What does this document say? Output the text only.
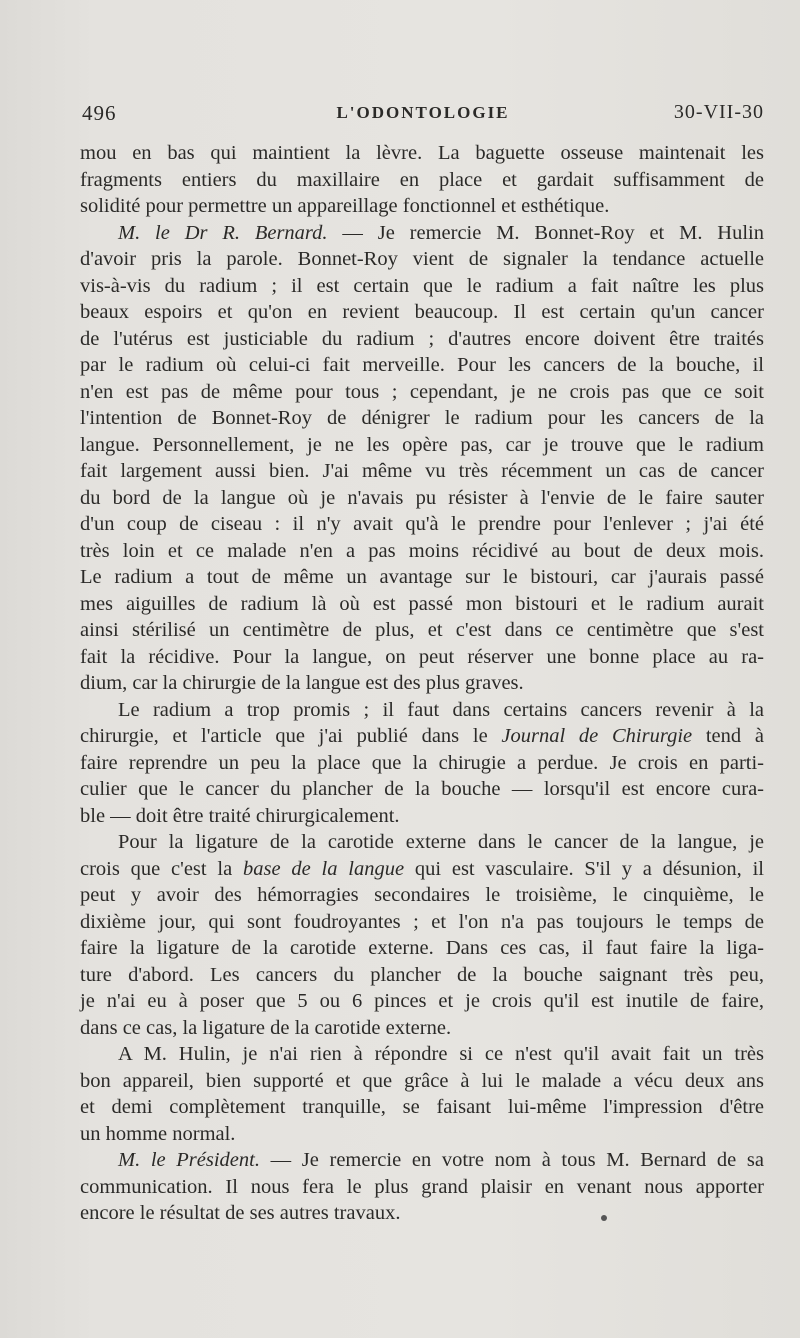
496	L'ODONTOLOGIE	30-VII-30
mou en bas qui maintient la lèvre. La baguette osseuse maintenait les
fragments entiers du maxillaire en place et gardait suffisamment de
solidité pour permettre un appareillage fonctionnel et esthétique.
M. le Dr R. Bernard. — Je remercie M. Bonnet-Roy et M. Hulin
d'avoir pris la parole. Bonnet-Roy vient de signaler la tendance actuelle
vis-à-vis du radium ; il est certain que le radium a fait naître les plus
beaux espoirs et qu'on en revient beaucoup. Il est certain qu'un cancer
de l'utérus est justiciable du radium ; d'autres encore doivent être traités
par le radium où celui-ci fait merveille. Pour les cancers de la bouche, il
n'en est pas de même pour tous ; cependant, je ne crois pas que ce soit
l'intention de Bonnet-Roy de dénigrer le radium pour les cancers de la
langue. Personnellement, je ne les opère pas, car je trouve que le radium
fait largement aussi bien. J'ai même vu très récemment un cas de cancer
du bord de la langue où je n'avais pu résister à l'envie de le faire sauter
d'un coup de ciseau : il n'y avait qu'à le prendre pour l'enlever ; j'ai été
très loin et ce malade n'en a pas moins récidivé au bout de deux mois.
Le radium a tout de même un avantage sur le bistouri, car j'aurais passé
mes aiguilles de radium là où est passé mon bistouri et le radium aurait
ainsi stérilisé un centimètre de plus, et c'est dans ce centimètre que s'est
fait la récidive. Pour la langue, on peut réserver une bonne place au ra-
dium, car la chirurgie de la langue est des plus graves.
Le radium a trop promis ; il faut dans certains cancers revenir à la
chirurgie, et l'article que j'ai publié dans le Journal de Chirurgie tend à
faire reprendre un peu la place que la chirugie a perdue. Je crois en parti-
culier que le cancer du plancher de la bouche — lorsqu'il est encore cura-
ble — doit être traité chirurgicalement.
Pour la ligature de la carotide externe dans le cancer de la langue, je
crois que c'est la base de la langue qui est vasculaire. S'il y a désunion, il
peut y avoir des hémorragies secondaires le troisième, le cinquième, le
dixième jour, qui sont foudroyantes ; et l'on n'a pas toujours le temps de
faire la ligature de la carotide externe. Dans ces cas, il faut faire la liga-
ture d'abord. Les cancers du plancher de la bouche saignant très peu,
je n'ai eu à poser que 5 ou 6 pinces et je crois qu'il est inutile de faire,
dans ce cas, la ligature de la carotide externe.
A M. Hulin, je n'ai rien à répondre si ce n'est qu'il avait fait un très
bon appareil, bien supporté et que grâce à lui le malade a vécu deux ans
et demi complètement tranquille, se faisant lui-même l'impression d'être
un homme normal.
M. le Président. — Je remercie en votre nom à tous M. Bernard de sa
communication. Il nous fera le plus grand plaisir en venant nous apporter
encore le résultat de ses autres travaux.
